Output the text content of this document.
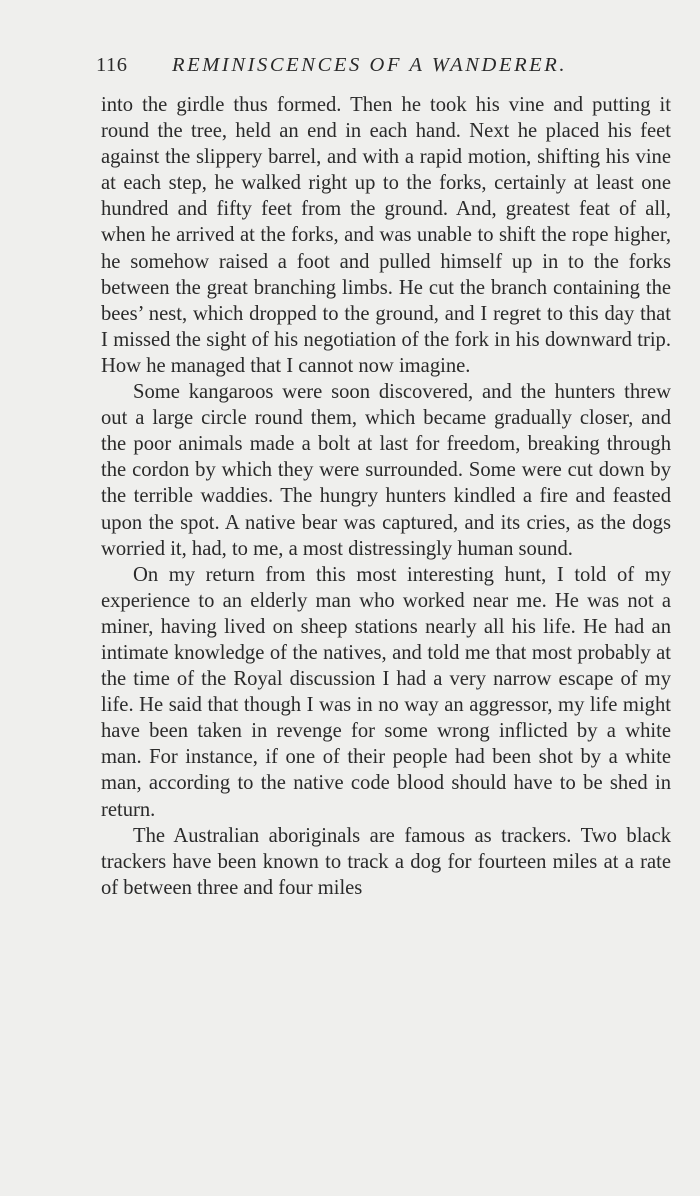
116 REMINISCENCES OF A WANDERER.

into the girdle thus formed. Then he took his vine and putting it round the tree, held an end in each hand. Next he placed his feet against the slippery barrel, and with a rapid motion, shifting his vine at each step, he walked right up to the forks, certainly at least one hundred and fifty feet from the ground. And, greatest feat of all, when he arrived at the forks, and was unable to shift the rope higher, he somehow raised a foot and pulled himself up in to the forks between the great branching limbs. He cut the branch containing the bees’ nest, which dropped to the ground, and I regret to this day that I missed the sight of his negotiation of the fork in his downward trip. How he managed that I cannot now imagine.

Some kangaroos were soon discovered, and the hunters threw out a large circle round them, which became gradually closer, and the poor animals made a bolt at last for freedom, breaking through the cordon by which they were surrounded. Some were cut down by the terrible waddies. The hungry hunters kindled a fire and feasted upon the spot. A native bear was captured, and its cries, as the dogs worried it, had, to me, a most distressingly human sound.

On my return from this most interesting hunt, I told of my experience to an elderly man who worked near me. He was not a miner, having lived on sheep stations nearly all his life. He had an intimate knowledge of the natives, and told me that most probably at the time of the Royal discussion I had a very narrow escape of my life. He said that though I was in no way an aggressor, my life might have been taken in revenge for some wrong inflicted by a white man. For instance, if one of their people had been shot by a white man, according to the native code blood should have to be shed in return.

The Australian aboriginals are famous as trackers. Two black trackers have been known to track a dog for fourteen miles at a rate of between three and four miles
